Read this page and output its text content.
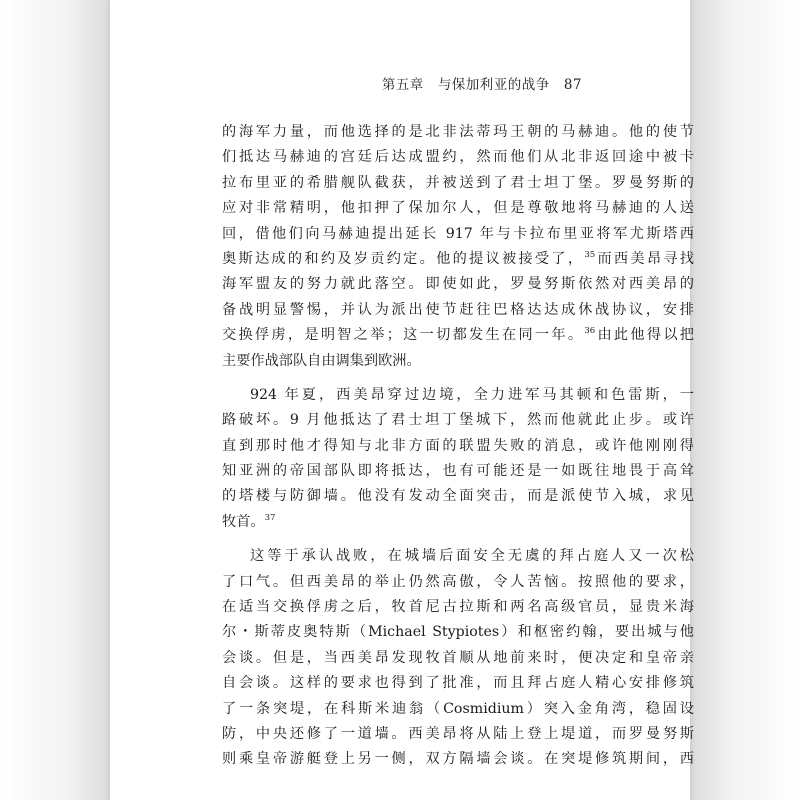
第五章 与保加利亚的战争 87
的海军力量，而他选择的是北非法蒂玛王朝的马赫迪。他的使节
们抵达马赫迪的宫廷后达成盟约，然而他们从北非返回途中被卡
拉布里亚的希腊舰队截获，并被送到了君士坦丁堡。罗曼努斯的
应对非常精明，他扣押了保加尔人，但是尊敬地将马赫迪的人送
回，借他们向马赫迪提出延长 917 年与卡拉布里亚将军尤斯塔西
奥斯达成的和约及岁贡约定。他的提议被接受了，$^{35}$而西美昂寻找
海军盟友的努力就此落空。即使如此，罗曼努斯依然对西美昂的
备战明显警惕，并认为派出使节赶往巴格达达成休战协议，安排
交换俘虏，是明智之举；这一切都发生在同一年。$^{36}$由此他得以把
主要作战部队自由调集到欧洲。
924 年夏，西美昂穿过边境，全力进军马其顿和色雷斯，一
路破坏。9 月他抵达了君士坦丁堡城下，然而他就此止步。或许
直到那时他才得知与北非方面的联盟失败的消息，或许他刚刚得
知亚洲的帝国部队即将抵达，也有可能还是一如既往地畏于高耸
的塔楼与防御墙。他没有发动全面突击，而是派使节入城，求见
牧首。$^{37}$
这等于承认战败，在城墙后面安全无虞的拜占庭人又一次松
了口气。但西美昂的举止仍然高傲，令人苦恼。按照他的要求，
在适当交换俘虏之后，牧首尼古拉斯和两名高级官员，显贵米海
尔・斯蒂皮奥特斯（Michael Stypiotes）和枢密约翰，要出城与他
会谈。但是，当西美昂发现牧首顺从地前来时，便决定和皇帝亲
自会谈。这样的要求也得到了批准，而且拜占庭人精心安排修筑
了一条突堤，在科斯米迪翁（Cosmidium）突入金角湾，稳固设
防，中央还修了一道墙。西美昂将从陆上登上堤道，而罗曼努斯
则乘皇帝游艇登上另一侧，双方隔墙会谈。在突堤修筑期间，西
